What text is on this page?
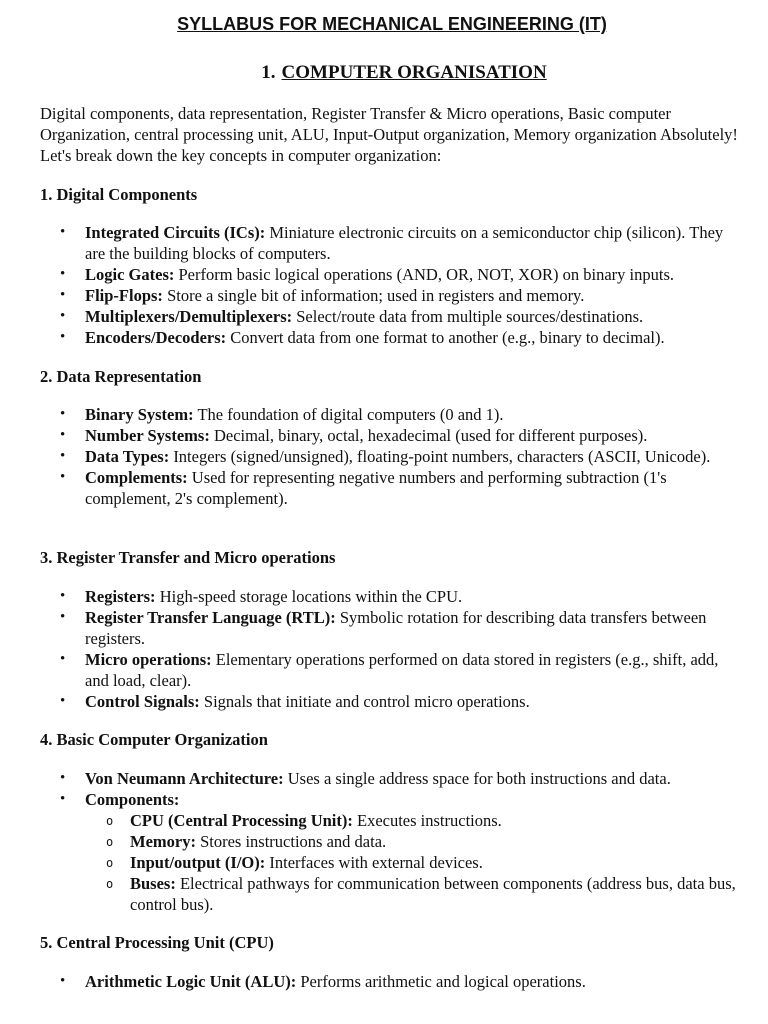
SYLLABUS FOR MECHANICAL ENGINEERING (IT)
1. COMPUTER ORGANISATION
Digital components, data representation, Register Transfer & Micro operations, Basic computer Organization, central processing unit, ALU, Input-Output organization, Memory organization Absolutely! Let's break down the key concepts in computer organization:
1. Digital Components
• Integrated Circuits (ICs): Miniature electronic circuits on a semiconductor chip (silicon). They are the building blocks of computers.
• Logic Gates: Perform basic logical operations (AND, OR, NOT, XOR) on binary inputs.
• Flip-Flops: Store a single bit of information; used in registers and memory.
• Multiplexers/Demultiplexers: Select/route data from multiple sources/destinations.
• Encoders/Decoders: Convert data from one format to another (e.g., binary to decimal).
2. Data Representation
• Binary System: The foundation of digital computers (0 and 1).
• Number Systems: Decimal, binary, octal, hexadecimal (used for different purposes).
• Data Types: Integers (signed/unsigned), floating-point numbers, characters (ASCII, Unicode).
• Complements: Used for representing negative numbers and performing subtraction (1's complement, 2's complement).
3. Register Transfer and Micro operations
• Registers: High-speed storage locations within the CPU.
• Register Transfer Language (RTL): Symbolic rotation for describing data transfers between registers.
• Micro operations: Elementary operations performed on data stored in registers (e.g., shift, add, and load, clear).
• Control Signals: Signals that initiate and control micro operations.
4. Basic Computer Organization
• Von Neumann Architecture: Uses a single address space for both instructions and data.
• Components:
o CPU (Central Processing Unit): Executes instructions.
o Memory: Stores instructions and data.
o Input/output (I/O): Interfaces with external devices.
o Buses: Electrical pathways for communication between components (address bus, data bus, control bus).
5. Central Processing Unit (CPU)
• Arithmetic Logic Unit (ALU): Performs arithmetic and logical operations.
